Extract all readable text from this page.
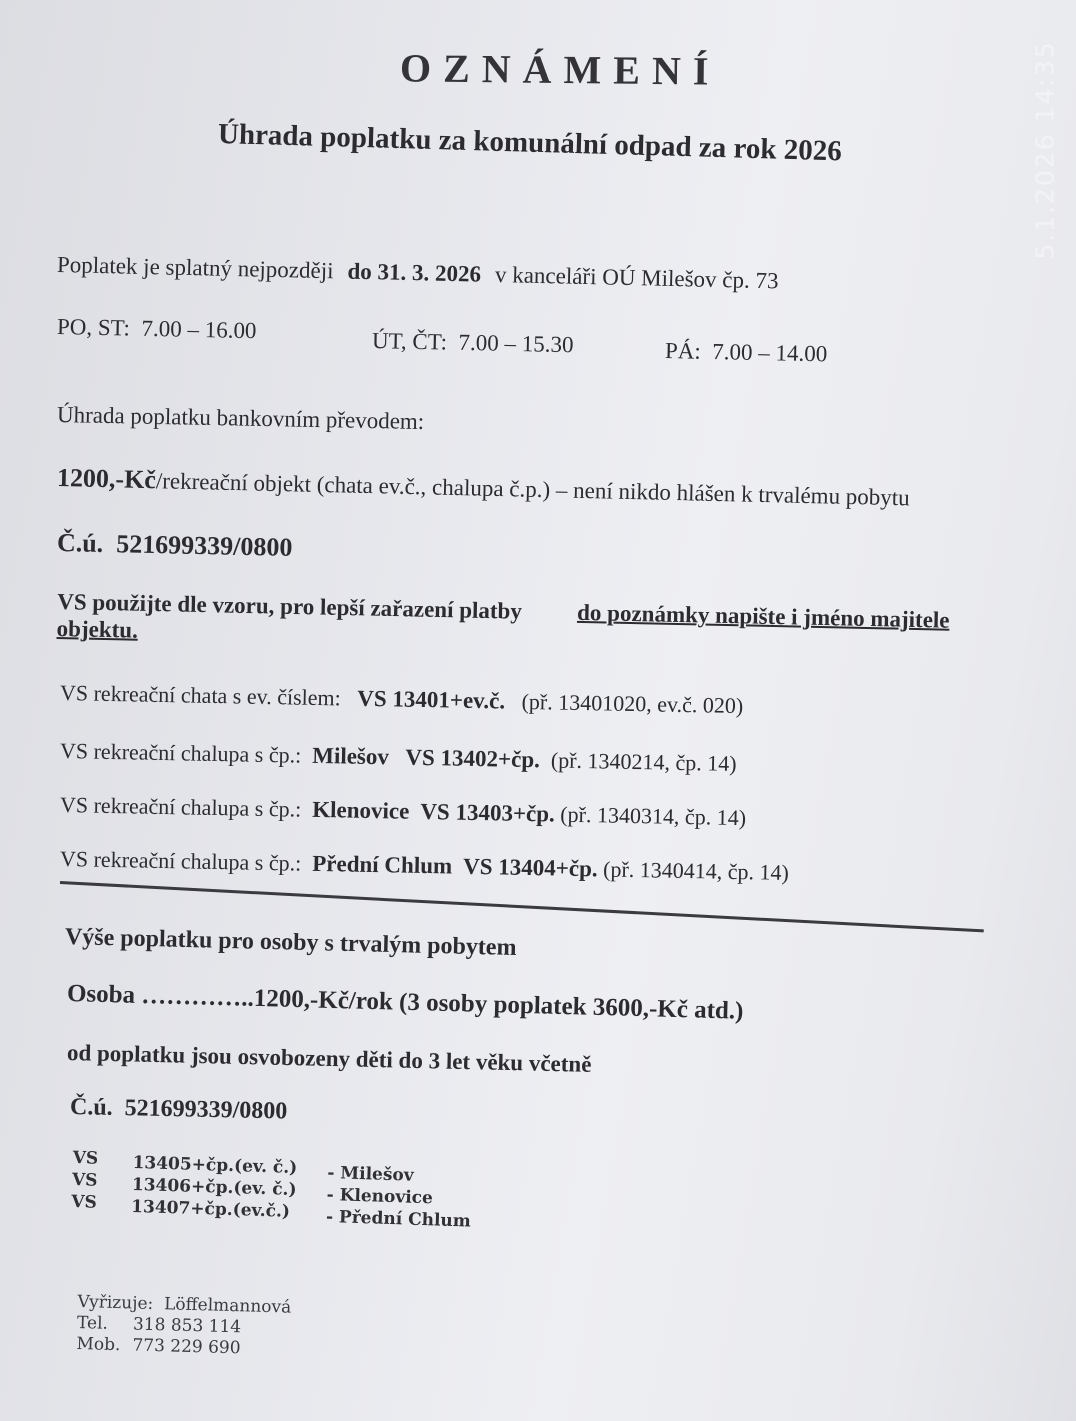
OZNÁMENÍ
Úhrada poplatku za komunální odpad za rok 2026
Poplatek je splatný nejpozději do 31. 3. 2026 v kanceláři OÚ Milešov čp. 73
PO, ST: 7.00 – 16.00	ÚT, ČT: 7.00 – 15.30	PÁ: 7.00 – 14.00
Úhrada poplatku bankovním převodem:
1200,-Kč/rekreační objekt (chata ev.č., chalupa č.p.) – není nikdo hlášen k trvalému pobytu
Č.ú. 521699339/0800
VS použijte dle vzoru, pro lepší zařazení platby	do poznámky napište i jméno majitele objektu.
VS rekreační chata s ev. číslem: VS 13401+ev.č. (př. 13401020, ev.č. 020)
VS rekreační chalupa s čp.: Milešov VS 13402+čp. (př. 1340214, čp. 14)
VS rekreační chalupa s čp.: Klenovice VS 13403+čp. (př. 1340314, čp. 14)
VS rekreační chalupa s čp.: Přední Chlum VS 13404+čp. (př. 1340414, čp. 14)
Výše poplatku pro osoby s trvalým pobytem
Osoba …………..1200,-Kč/rok (3 osoby poplatek 3600,-Kč atd.)
od poplatku jsou osvobozeny děti do 3 let věku včetně
Č.ú. 521699339/0800
VS	13405+čp.(ev. č.)	- Milešov
VS	13406+čp.(ev. č.)	- Klenovice
VS	13407+čp.(ev.č.)	- Přední Chlum
Vyřizuje:
Löffelmannová
Tel.	318 853 114
Mob. 773 229 690
5.1.2026 14:35
